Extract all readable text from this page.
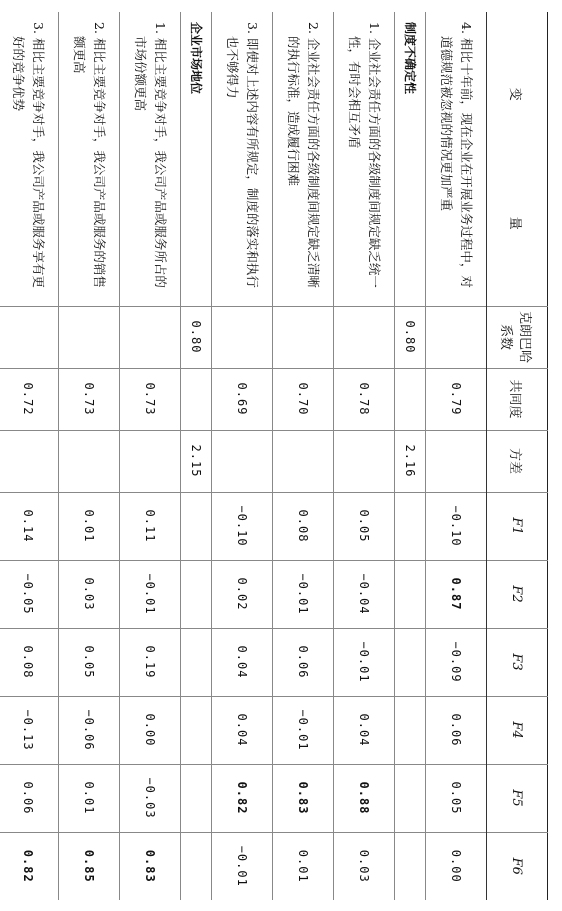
变　　量	克朗巴哈系数	共同度	方差	F1	F2	F3	F4	F5	F6

4. 相比十年前，现在企业在开展业务过程中，对道德规范被忽视的情况更加严重		0.79		−0.10	0.87	−0.09	0.06	0.05	0.00
制度不确定性	0.80		2.16						

1. 企业社会责任方面的各级制度间规定缺乏统一性，有时会相互矛盾		0.78		0.05	−0.04	−0.01	0.04	0.88	0.03

2. 企业社会责任方面的各级制度间规定缺乏清晰的执行标准，造成履行困难		0.70		0.08	−0.01	0.06	−0.01	0.83	0.01

3. 即使对上述内容有所规定，制度的落实和执行也不够得力		0.69		−0.10	0.02	0.04	0.04	0.82	−0.01
企业市场地位	0.80		2.15						

1. 相比主要竞争对手，我公司产品或服务所占的市场份额更高		0.73		0.11	−0.01	0.19	0.00	−0.03	0.83

2. 相比主要竞争对手，我公司产品或服务的销售额更高		0.73		0.01	0.03	0.05	−0.06	0.01	0.85

3. 相比主要竞争对手，我公司产品或服务享有更好的竞争优势		0.72		0.14	−0.05	0.08	−0.13	0.06	0.82
